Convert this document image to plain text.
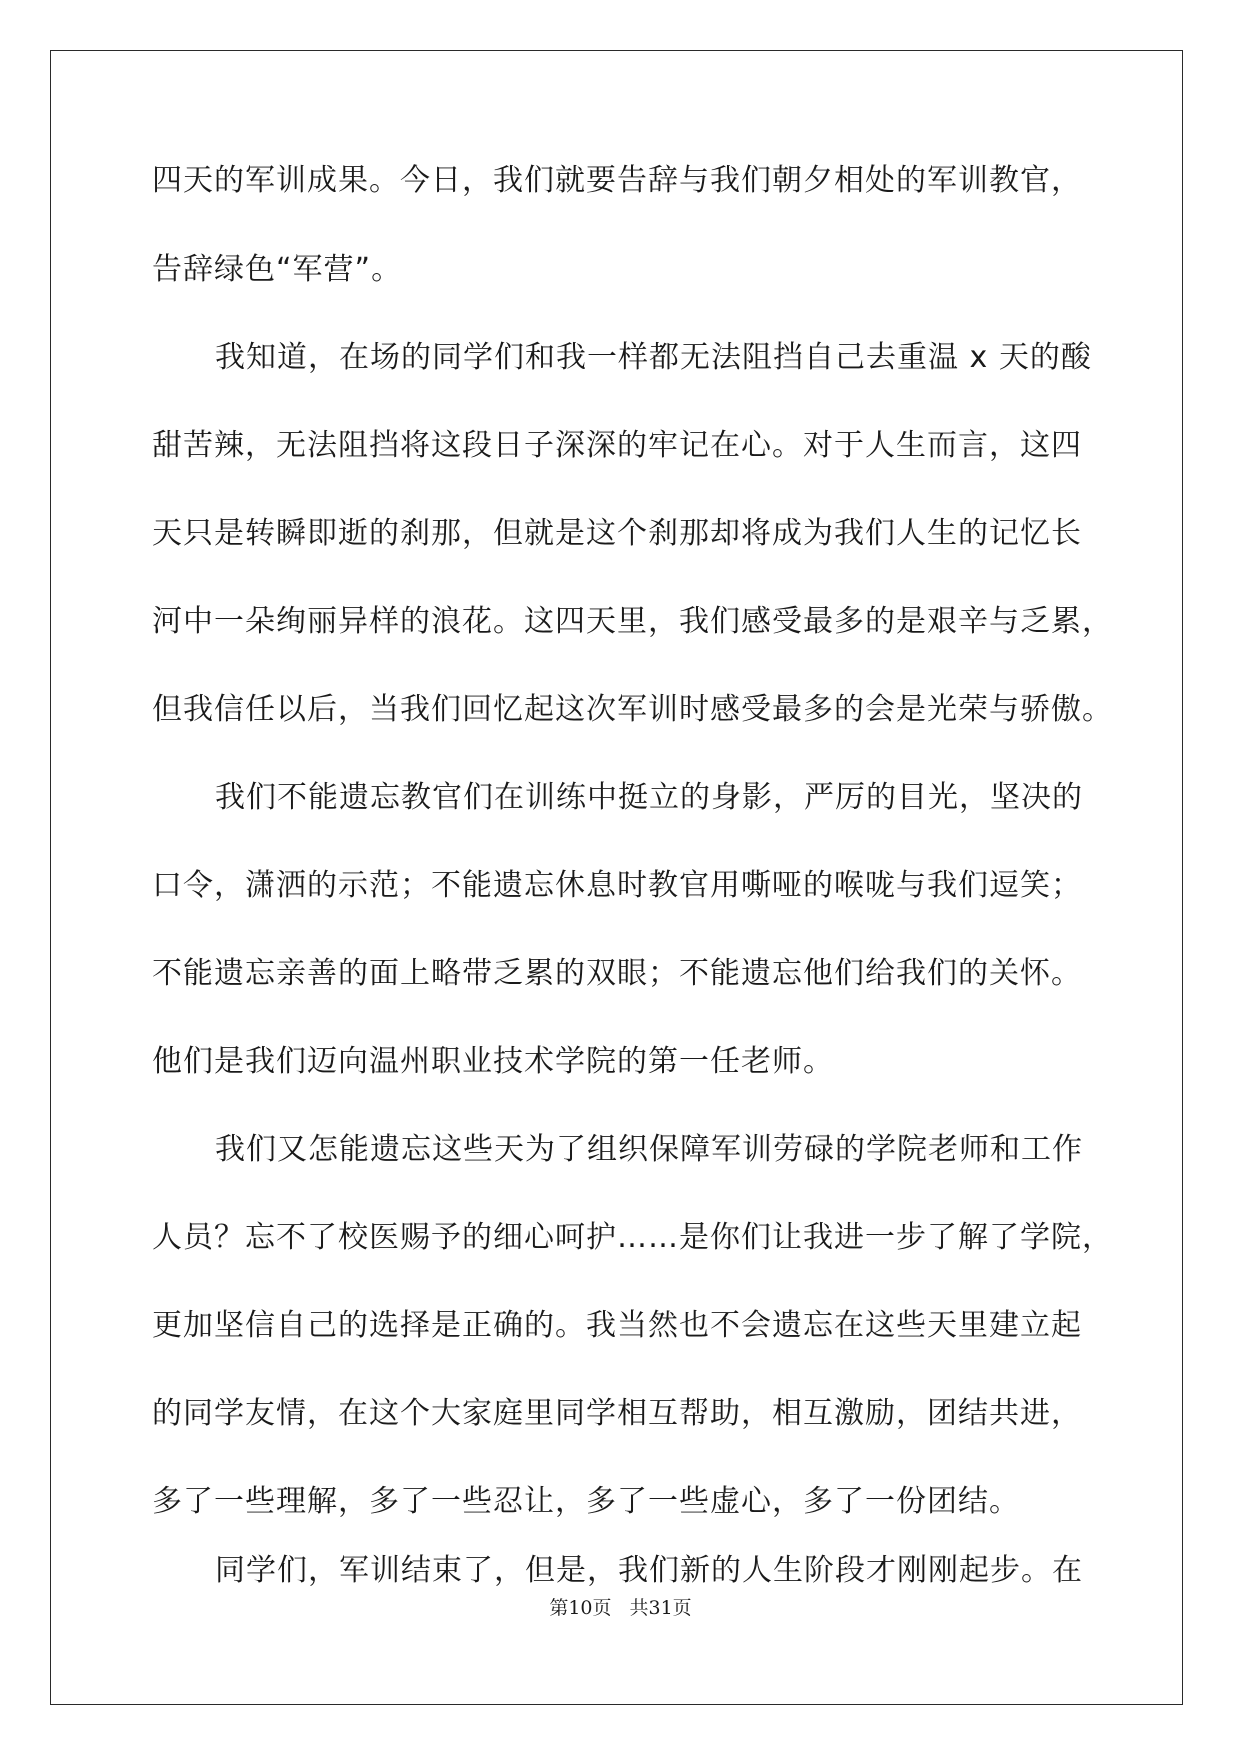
四天的军训成果。今日，我们就要告辞与我们朝夕相处的军训教官，
告辞绿色“军营”。
我知道，在场的同学们和我一样都无法阻挡自己去重温 x 天的酸
甜苦辣，无法阻挡将这段日子深深的牢记在心。对于人生而言，这四
天只是转瞬即逝的刹那，但就是这个刹那却将成为我们人生的记忆长
河中一朵绚丽异样的浪花。这四天里，我们感受最多的是艰辛与乏累，
但我信任以后，当我们回忆起这次军训时感受最多的会是光荣与骄傲。
我们不能遗忘教官们在训练中挺立的身影，严厉的目光，坚决的
口令，潇洒的示范；不能遗忘休息时教官用嘶哑的喉咙与我们逗笑；
不能遗忘亲善的面上略带乏累的双眼；不能遗忘他们给我们的关怀。
他们是我们迈向温州职业技术学院的第一任老师。
我们又怎能遗忘这些天为了组织保障军训劳碌的学院老师和工作
人员？忘不了校医赐予的细心呵护……是你们让我进一步了解了学院，
更加坚信自己的选择是正确的。我当然也不会遗忘在这些天里建立起
的同学友情，在这个大家庭里同学相互帮助，相互激励，团结共进，
多了一些理解，多了一些忍让，多了一些虚心，多了一份团结。
同学们，军训结束了，但是，我们新的人生阶段才刚刚起步。在
第10页 共31页
